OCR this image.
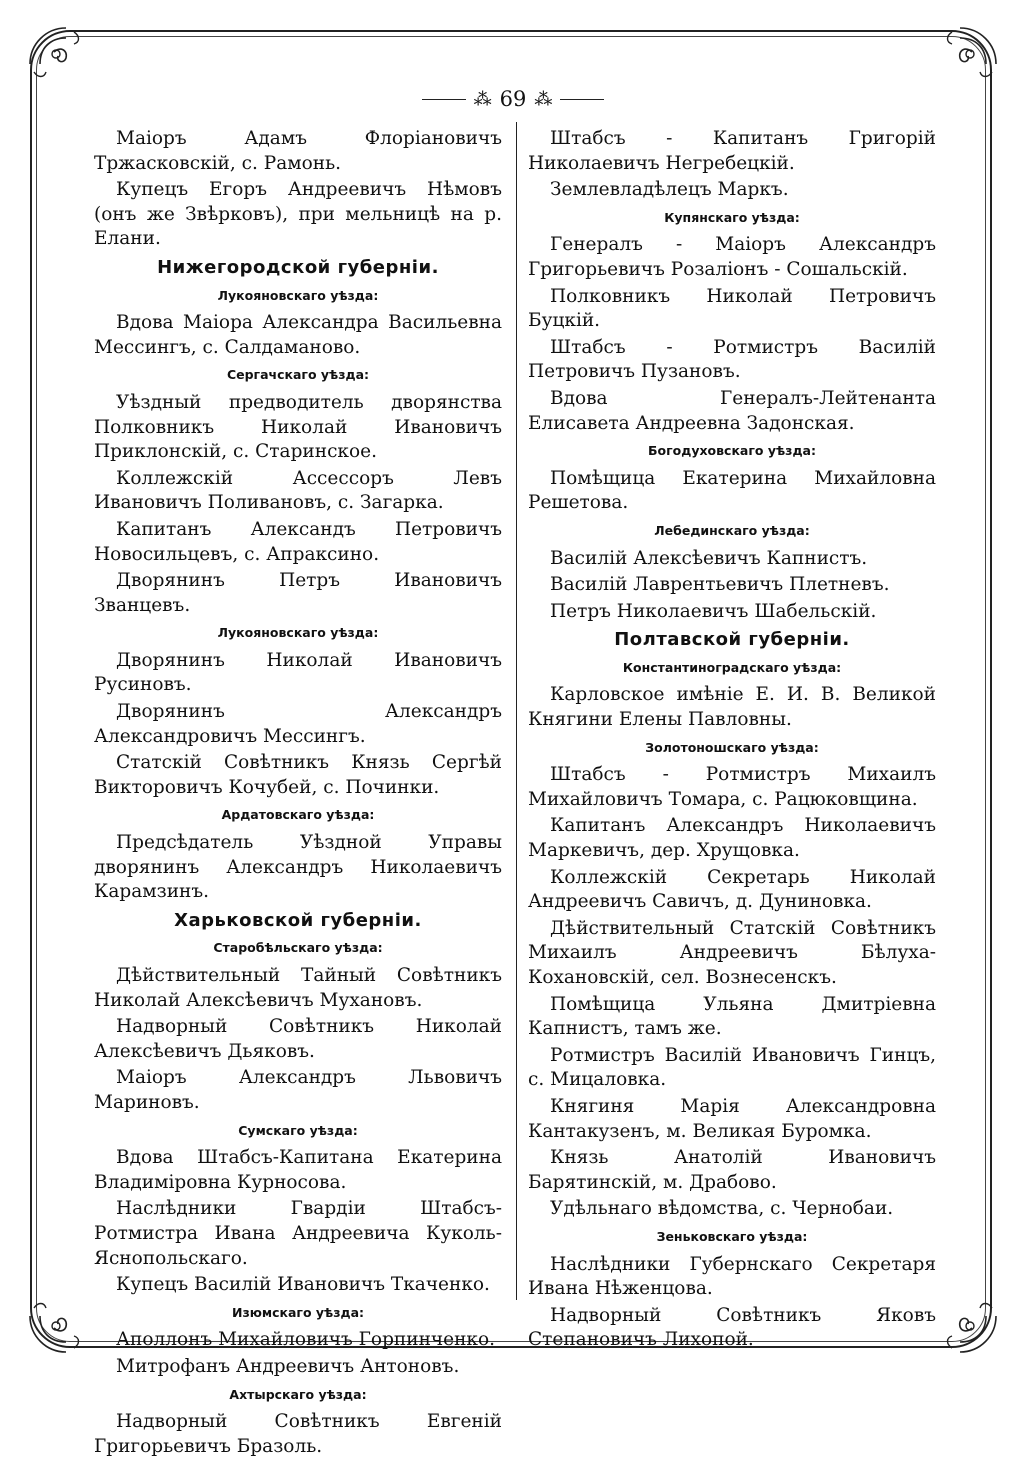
⁂ 69 ⁂
Маіоръ Адамъ Флоріановичъ Тржасковскій, с. Рамонь.
Купецъ Егоръ Андреевичъ Нѣмовъ (онъ же Звѣрковъ), при мельницѣ на р. Елани.
Нижегородской губерніи.
Лукояновскаго уѣзда:
Вдова Маіора Александра Васильевна Мессингъ, с. Салдаманово.
Сергачскаго уѣзда:
Уѣздный предводитель дворянства Полковникъ Николай Ивановичъ Приклонскій, с. Старинское.
Коллежскій Ассессоръ Левъ Ивановичъ Поливановъ, с. Загарка.
Капитанъ Александъ Петровичъ Новосильцевъ, с. Апраксино.
Дворянинъ Петръ Ивановичъ Званцевъ.
Лукояновскаго уѣзда:
Дворянинъ Николай Ивановичъ Русиновъ.
Дворянинъ Александръ Александровичъ Мессингъ.
Статскій Совѣтникъ Князь Сергѣй Викторовичъ Кочубей, с. Починки.
Ардатовскаго уѣзда:
Предсѣдатель Уѣздной Управы дворянинъ Александръ Николаевичъ Карамзинъ.
Харьковской губерніи.
Старобѣльскаго уѣзда:
Дѣйствительный Тайный Совѣтникъ Николай Алексѣевичъ Мухановъ.
Надворный Совѣтникъ Николай Алексѣевичъ Дьяковъ.
Маіоръ Александръ Львовичъ Мариновъ.
Сумскаго уѣзда:
Вдова Штабсъ-Капитана Екатерина Владиміровна Курносова.
Наслѣдники Гвардіи Штабсъ-Ротмистра Ивана Андреевича Куколь-Яснопольскаго.
Купецъ Василій Ивановичъ Ткаченко.
Изюмскаго уѣзда:
Аполлонъ Михайловичъ Горпинченко.
Митрофанъ Андреевичъ Антоновъ.
Ахтырскаго уѣзда:
Надворный Совѣтникъ Евгеній Григорьевичъ Бразоль.
Штабсъ - Капитанъ Григорій Николаевичъ Негребецкій.
Землевладѣлецъ Маркъ.
Купянскаго уѣзда:
Генералъ - Маіоръ Александръ Григорьевичъ Розаліонъ - Сошальскій.
Полковникъ Николай Петровичъ Буцкій.
Штабсъ - Ротмистръ Василій Петровичъ Пузановъ.
Вдова Генералъ-Лейтенанта Елисавета Андреевна Задонская.
Богодуховскаго уѣзда:
Помѣщица Екатерина Михайловна Решетова.
Лебединскаго уѣзда:
Василій Алексѣевичъ Капнистъ.
Василій Лаврентьевичъ Плетневъ.
Петръ Николаевичъ Шабельскій.
Полтавской губерніи.
Константиноградскаго уѣзда:
Карловское имѣніе Е. И. В. Великой Княгини Елены Павловны.
Золотоношскаго уѣзда:
Штабсъ - Ротмистръ Михаилъ Михайловичъ Томара, с. Рацюковщина.
Капитанъ Александръ Николаевичъ Маркевичъ, дер. Хрущовка.
Коллежскій Секретарь Николай Андреевичъ Савичъ, д. Дуниновка.
Дѣйствительный Статскій Совѣтникъ Михаилъ Андреевичъ Бѣлуха-Кохановскій, сел. Вознесенскъ.
Помѣщица Ульяна Дмитріевна Капнистъ, тамъ же.
Ротмистръ Василій Ивановичъ Гинцъ, с. Мицаловка.
Княгиня Марія Александровна Кантакузенъ, м. Великая Буромка.
Князь Анатолій Ивановичъ Барятинскій, м. Драбово.
Удѣльнаго вѣдомства, с. Чернобаи.
Зеньковскаго уѣзда:
Наслѣдники Губернскаго Секретаря Ивана Нѣженцова.
Надворный Совѣтникъ Яковъ Степановичъ Лихопой.
